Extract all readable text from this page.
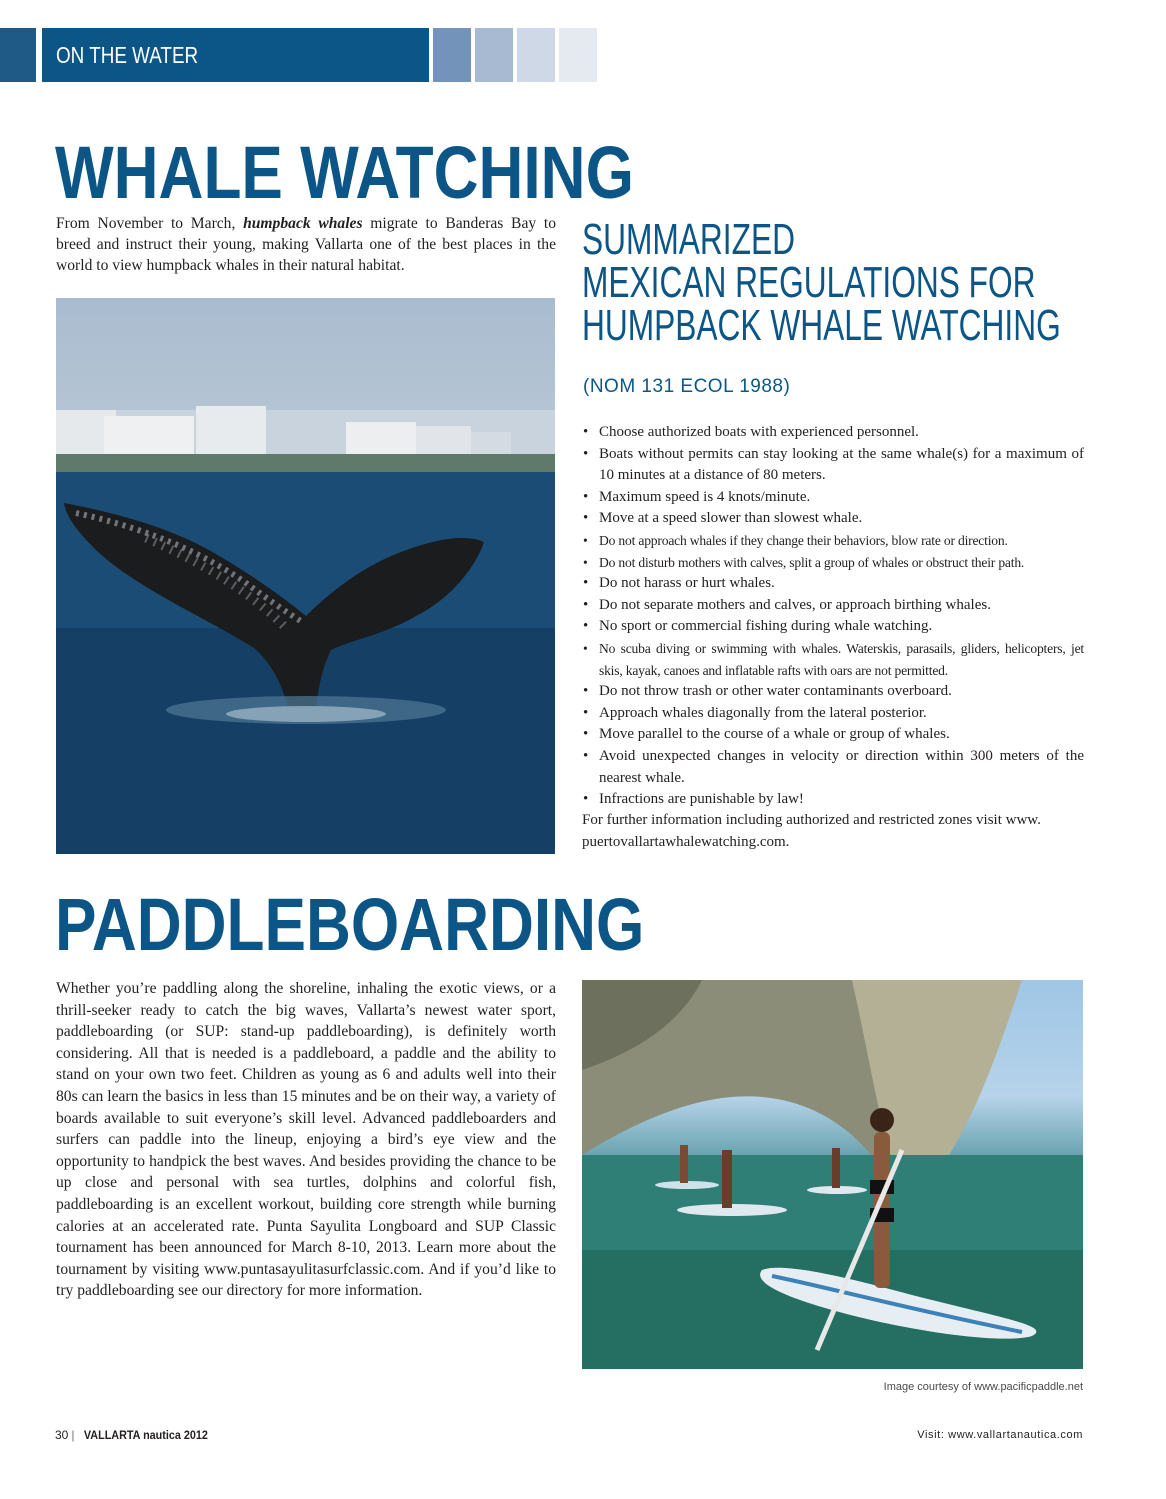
ON THE WATER
WHALE WATCHING
From November to March, humpback whales migrate to Banderas Bay to breed and instruct their young, making Vallarta one of the best places in the world to view humpback whales in their natural habitat.
SUMMARIZED
MEXICAN REGULATIONS FOR
HUMPBACK WHALE WATCHING
(NOM 131 ECOL 1988)
• Choose authorized boats with experienced personnel.
• Boats without permits can stay looking at the same whale(s) for a maximum of 10 minutes at a distance of 80 meters.
• Maximum speed is 4 knots/minute.
• Move at a speed slower than slowest whale.
• Do not approach whales if they change their behaviors, blow rate or direction.
• Do not disturb mothers with calves, split a group of whales or obstruct their path.
• Do not harass or hurt whales.
• Do not separate mothers and calves, or approach birthing whales.
• No sport or commercial fishing during whale watching.
• No scuba diving or swimming with whales. Waterskis, parasails, gliders, helicopters, jet skis, kayak, canoes and inflatable rafts with oars are not permitted.
• Do not throw trash or other water contaminants overboard.
• Approach whales diagonally from the lateral posterior.
• Move parallel to the course of a whale or group of whales.
• Avoid unexpected changes in velocity or direction within 300 meters of the nearest whale.
• Infractions are punishable by law!
For further information including authorized and restricted zones visit www. puertovallartawhalewatching.com.
PADDLEBOARDING
Whether you’re paddling along the shoreline, inhaling the exotic views, or a thrill-seeker ready to catch the big waves, Vallarta’s newest water sport, paddleboarding (or SUP: stand-up paddleboarding), is definitely worth considering. All that is needed is a paddleboard, a paddle and the ability to stand on your own two feet. Children as young as 6 and adults well into their 80s can learn the basics in less than 15 minutes and be on their way, a variety of boards available to suit everyone’s skill level. Advanced paddleboarders and surfers can paddle into the lineup, enjoying a bird’s eye view and the opportunity to handpick the best waves. And besides providing the chance to be up close and personal with sea turtles, dolphins and colorful fish, paddleboarding is an excellent workout, building core strength while burning calories at an accelerated rate. Punta Sayulita Longboard and SUP Classic tournament has been announced for March 8-10, 2013. Learn more about the tournament by visiting www.puntasayulitasurfclassic.com. And if you’d like to try paddleboarding see our directory for more information.
Image courtesy of www.pacificpaddle.net
30 | VALLARTA nautica 2012	Visit: www.vallartanautica.com
